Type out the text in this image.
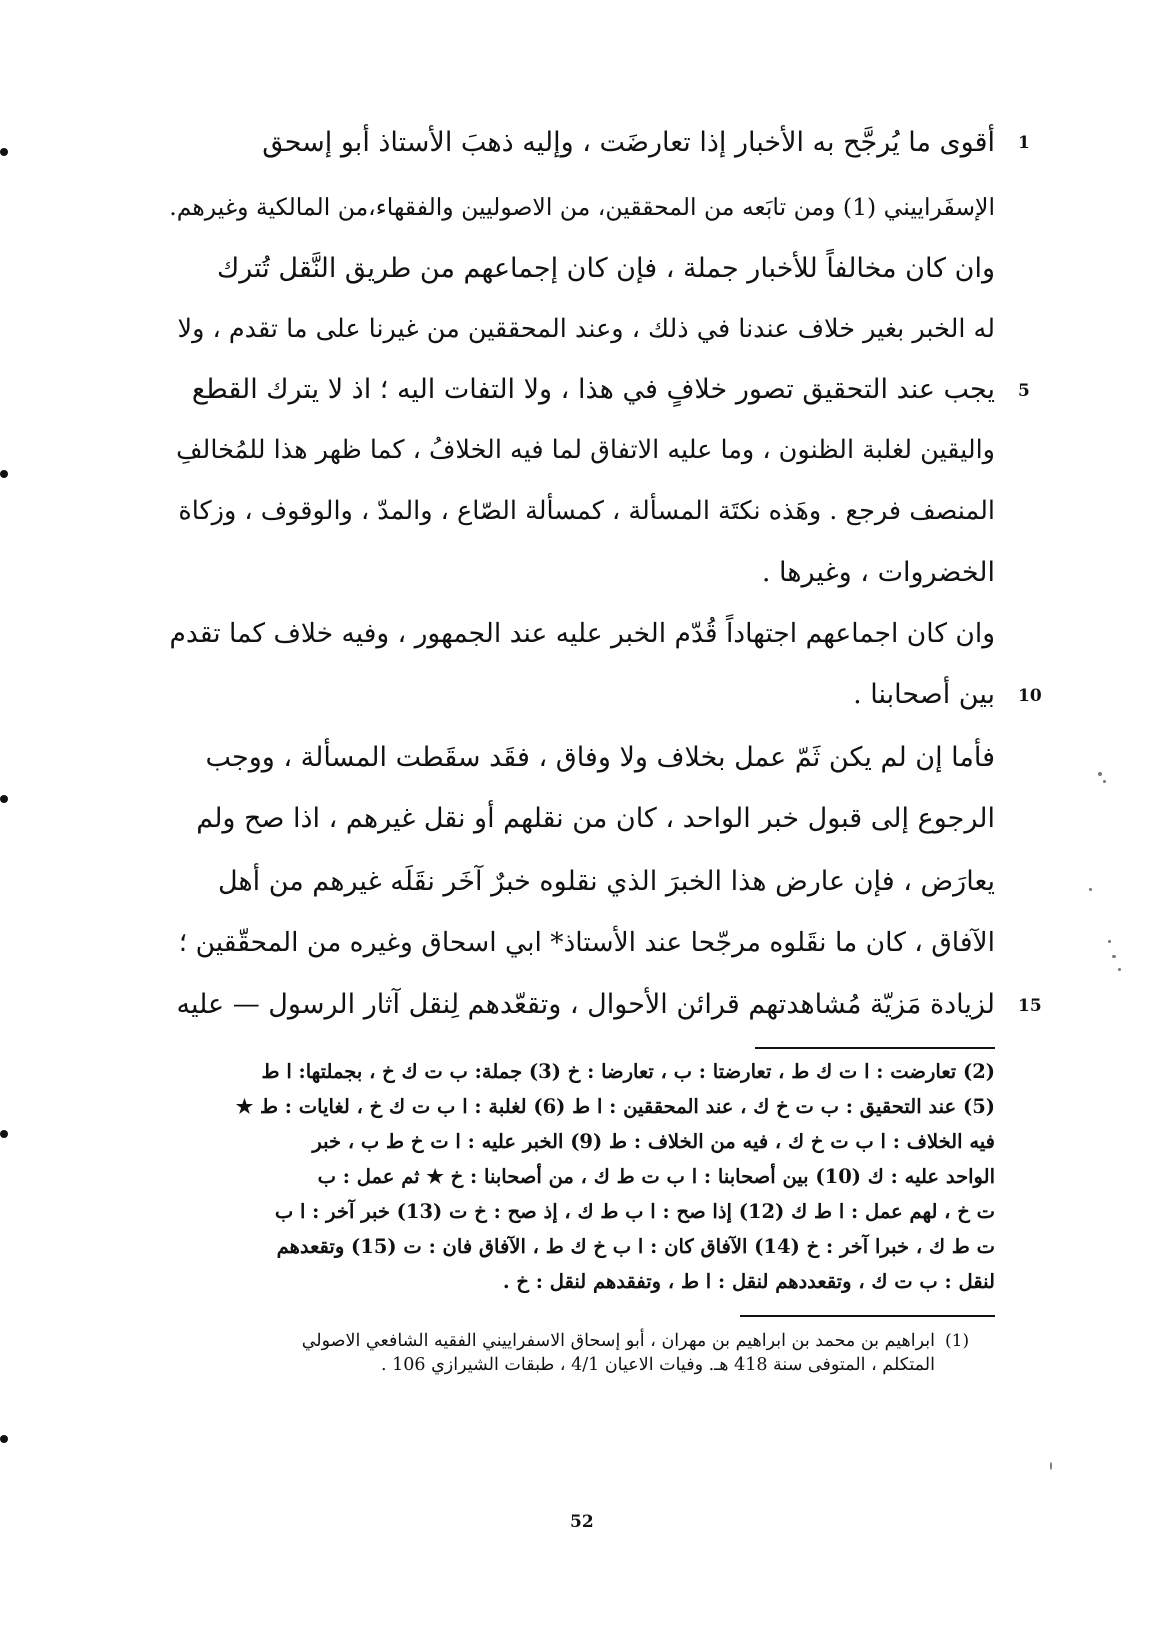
أقوى ما يُرجَّح به الأخبار إذا تعارضَت ، وإليه ذهبَ الأستاذ أبو إسحق
الإسفَراييني (1) ومن تابَعه من المحققين، من الاصوليين والفقهاء،من المالكية وغيرهم.
وان كان مخالفاً للأخبار جملة ، فإن كان إجماعهم من طريق النَّقل تُترك
له الخبر بغير خلاف عندنا في ذلك ، وعند المحققين من غيرنا على ما تقدم ، ولا
يجب عند التحقيق تصور خلافٍ في هذا ، ولا التفات اليه ؛ اذ لا يترك القطع
واليقين لغلبة الظنون ، وما عليه الاتفاق لما فيه الخلافُ ، كما ظهر هذا للمُخالفِ
المنصف فرجع . وهَذه نكتَة المسألة ، كمسألة الصّاع ، والمدّ ، والوقوف ، وزكاة
الخضروات ، وغيرها .
وان كان اجماعهم اجتهاداً قُدّم الخبر عليه عند الجمهور ، وفيه خلاف كما تقدم
بين أصحابنا .
فأما إن لم يكن ثَمّ عمل بخلاف ولا وفاق ، فقَد سقَطت المسألة ، ووجب
الرجوع إلى قبول خبر الواحد ، كان من نقلهم أو نقل غيرهم ، اذا صح ولم
يعارَض ، فإن عارض هذا الخبرَ الذي نقلوه خبرٌ آخَر نقَلَه غيرهم من أهل
الآفاق ، كان ما نقَلوه مرجّحا عند الأستاذ* ابي اسحاق وغيره من المحقّقين ؛
لزيادة مَزيّة مُشاهدتهم قرائن الأحوال ، وتقعّدهم لِنقل آثار الرسول — عليه
1
5
10
15
(2) تعارضت : ا ت ك ط ، تعارضتا : ب ، تعارضا : خ (3) جملة: ب ت ك خ ، بجملتها: ا ط
(5) عند التحقيق : ب ت خ ك ، عند المحققين : ا ط (6) لغلبة : ا ب ت ك خ ، لغايات : ط ★
فيه الخلاف : ا ب ت خ ك ، فيه من الخلاف : ط (9) الخبر عليه : ا ت خ ط ب ، خبر
الواحد عليه : ك (10) بين أصحابنا : ا ب ت ط ك ، من أصحابنا : خ ★ ثم عمل : ب
ت خ ، لهم عمل : ا ط ك (12) إذا صح : ا ب ط ك ، إذ صح : خ ت (13) خبر آخر : ا ب
ت ط ك ، خبرا آخر : خ (14) الآفاق كان : ا ب خ ك ط ، الآفاق فان : ت (15) وتقعدهم
لنقل : ب ت ك ، وتقعددهم لنقل : ا ط ، وتفقدهم لنقل : خ .
(1)
ابراهيم بن محمد بن ابراهيم بن مهران ، أبو إسحاق الاسفراييني الفقيه الشافعي الاصولي
المتكلم ، المتوفى سنة 418 هـ. وفيات الاعيان 4/1 ، طبقات الشيرازي 106 .
52
